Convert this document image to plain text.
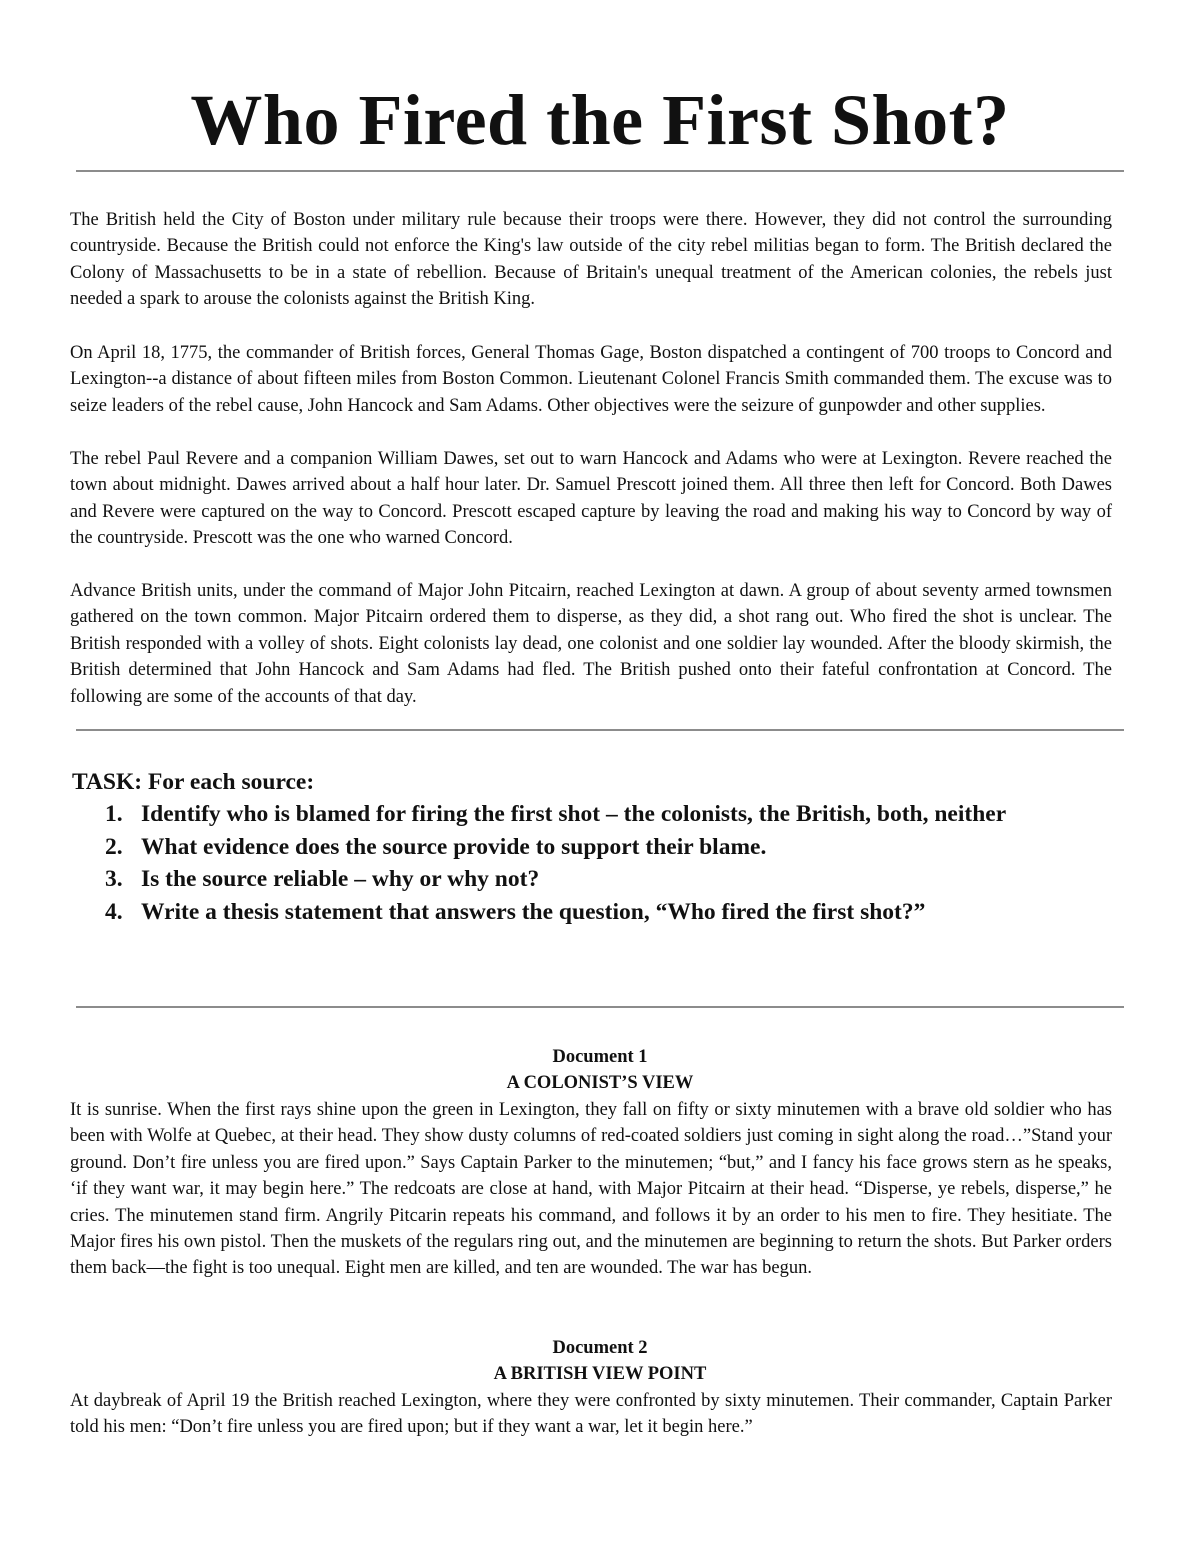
Who Fired the First Shot?

The British held the City of Boston under military rule because their troops were there. However, they did not control the surrounding countryside. Because the British could not enforce the King's law outside of the city rebel militias began to form. The British declared the Colony of Massachusetts to be in a state of rebellion. Because of Britain's unequal treatment of the American colonies, the rebels just needed a spark to arouse the colonists against the British King.

On April 18, 1775, the commander of British forces, General Thomas Gage, Boston dispatched a contingent of 700 troops to Concord and Lexington--a distance of about fifteen miles from Boston Common. Lieutenant Colonel Francis Smith commanded them. The excuse was to seize leaders of the rebel cause, John Hancock and Sam Adams. Other objectives were the seizure of gunpowder and other supplies.

The rebel Paul Revere and a companion William Dawes, set out to warn Hancock and Adams who were at Lexington. Revere reached the town about midnight. Dawes arrived about a half hour later. Dr. Samuel Prescott joined them. All three then left for Concord. Both Dawes and Revere were captured on the way to Concord. Prescott escaped capture by leaving the road and making his way to Concord by way of the countryside. Prescott was the one who warned Concord.

Advance British units, under the command of Major John Pitcairn, reached Lexington at dawn. A group of about seventy armed townsmen gathered on the town common. Major Pitcairn ordered them to disperse, as they did, a shot rang out. Who fired the shot is unclear. The British responded with a volley of shots. Eight colonists lay dead, one colonist and one soldier lay wounded. After the bloody skirmish, the British determined that John Hancock and Sam Adams had fled. The British pushed onto their fateful confrontation at Concord. The following are some of the accounts of that day.

TASK: For each source:

1. Identify who is blamed for firing the first shot – the colonists, the British, both, neither
2. What evidence does the source provide to support their blame.
3. Is the source reliable – why or why not?
4. Write a thesis statement that answers the question, “Who fired the first shot?”

Document 1

A COLONIST’S VIEW

It is sunrise. When the first rays shine upon the green in Lexington, they fall on fifty or sixty minutemen with a brave old soldier who has been with Wolfe at Quebec, at their head. They show dusty columns of red-coated soldiers just coming in sight along the road…”Stand your ground. Don’t fire unless you are fired upon.” Says Captain Parker to the minutemen; “but,” and I fancy his face grows stern as he speaks, ‘if they want war, it may begin here.” The redcoats are close at hand, with Major Pitcairn at their head. “Disperse, ye rebels, disperse,” he cries. The minutemen stand firm. Angrily Pitcarin repeats his command, and follows it by an order to his men to fire. They hesitiate. The Major fires his own pistol. Then the muskets of the regulars ring out, and the minutemen are beginning to return the shots. But Parker orders them back—the fight is too unequal. Eight men are killed, and ten are wounded. The war has begun.

Document 2

A BRITISH VIEW POINT

At daybreak of April 19 the British reached Lexington, where they were confronted by sixty minutemen. Their commander, Captain Parker told his men: “Don’t fire unless you are fired upon; but if they want a war, let it begin here.”
